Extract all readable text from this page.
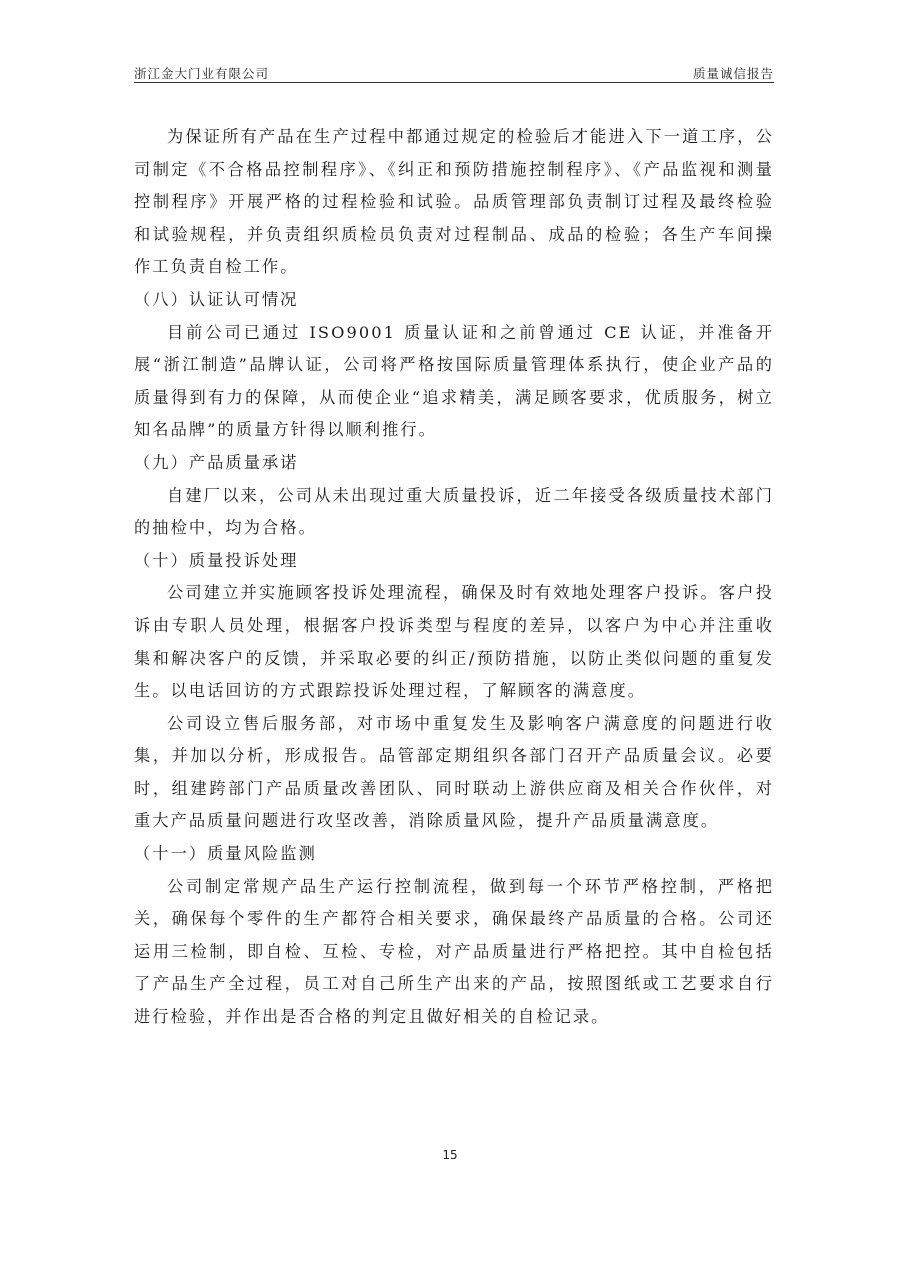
浙江金大门业有限公司	质量诚信报告

为保证所有产品在生产过程中都通过规定的检验后才能进入下一道工序，公司制定《不合格品控制程序》、《纠正和预防措施控制程序》、《产品监视和测量控制程序》开展严格的过程检验和试验。品质管理部负责制订过程及最终检验和试验规程，并负责组织质检员负责对过程制品、成品的检验；各生产车间操作工负责自检工作。

（八）认证认可情况

目前公司已通过 ISO9001 质量认证和之前曾通过 CE 认证，并准备开展“浙江制造”品牌认证，公司将严格按国际质量管理体系执行，使企业产品的质量得到有力的保障，从而使企业“追求精美，满足顾客要求，优质服务，树立知名品牌”的质量方针得以顺利推行。

（九）产品质量承诺

自建厂以来，公司从未出现过重大质量投诉，近二年接受各级质量技术部门的抽检中，均为合格。

（十）质量投诉处理

公司建立并实施顾客投诉处理流程，确保及时有效地处理客户投诉。客户投诉由专职人员处理，根据客户投诉类型与程度的差异，以客户为中心并注重收集和解决客户的反馈，并采取必要的纠正/预防措施，以防止类似问题的重复发生。以电话回访的方式跟踪投诉处理过程，了解顾客的满意度。

公司设立售后服务部，对市场中重复发生及影响客户满意度的问题进行收集，并加以分析，形成报告。品管部定期组织各部门召开产品质量会议。必要时，组建跨部门产品质量改善团队、同时联动上游供应商及相关合作伙伴，对重大产品质量问题进行攻坚改善，消除质量风险，提升产品质量满意度。

（十一）质量风险监测

公司制定常规产品生产运行控制流程，做到每一个环节严格控制，严格把关，确保每个零件的生产都符合相关要求，确保最终产品质量的合格。公司还运用三检制，即自检、互检、专检，对产品质量进行严格把控。其中自检包括了产品生产全过程，员工对自己所生产出来的产品，按照图纸或工艺要求自行进行检验，并作出是否合格的判定且做好相关的自检记录。

15
